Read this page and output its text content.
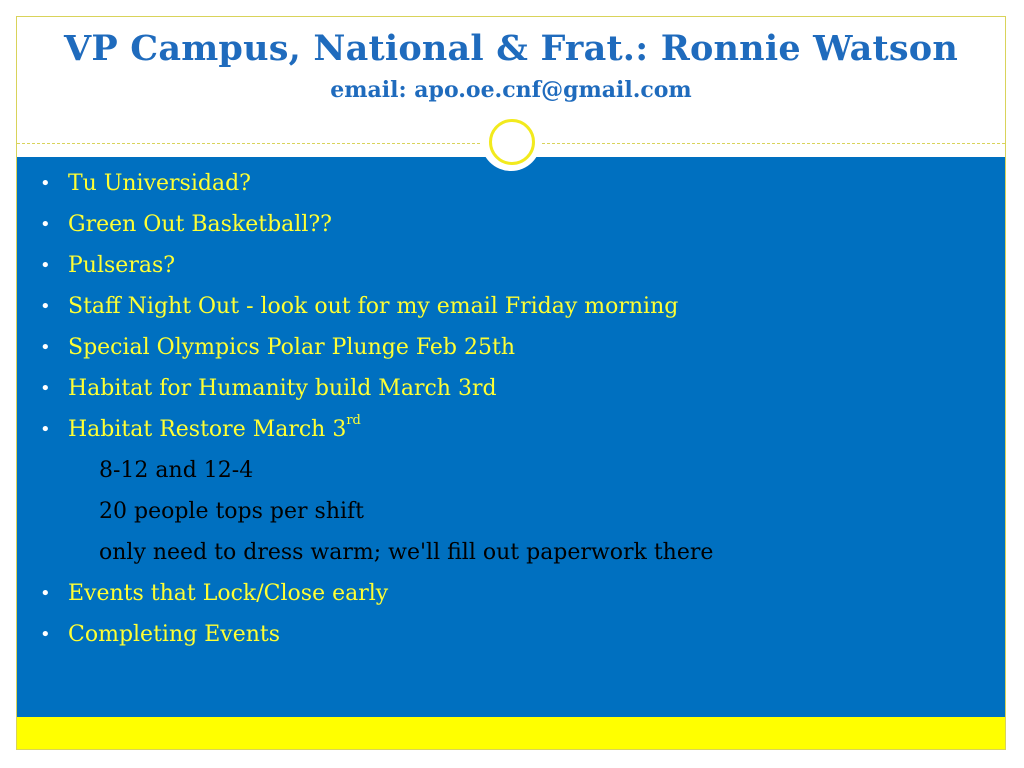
VP Campus, National & Frat.: Ronnie Watson
email: apo.oe.cnf@gmail.com
• Tu Universidad?
• Green Out Basketball??
• Pulseras?
• Staff Night Out - look out for my email Friday morning
• Special Olympics Polar Plunge Feb 25th
• Habitat for Humanity build March 3rd
• Habitat Restore March 3rd
8-12 and 12-4
20 people tops per shift
only need to dress warm; we'll fill out paperwork there
• Events that Lock/Close early
• Completing Events
